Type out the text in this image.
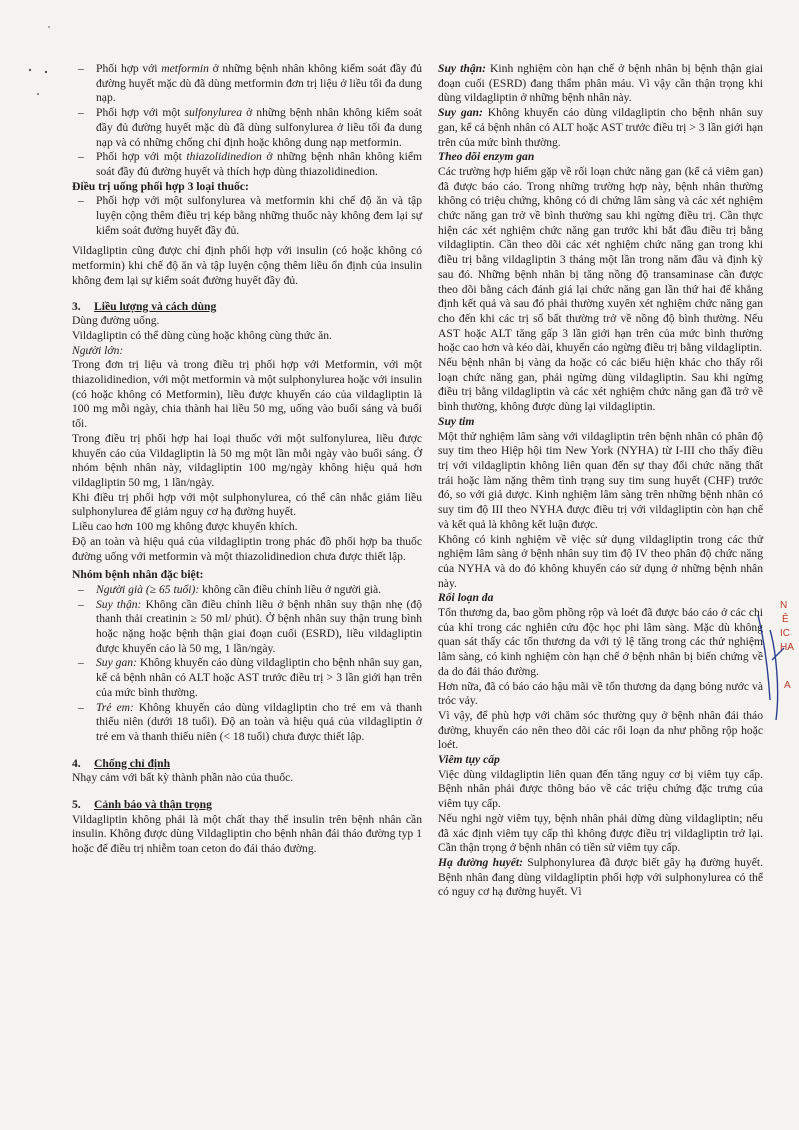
– Phối hợp với metformin ở những bệnh nhân không kiểm soát đầy đủ đường huyết mặc dù đã dùng metformin đơn trị liệu ở liều tối đa dung nạp.

– Phối hợp với một sulfonylurea ở những bệnh nhân không kiểm soát đầy đủ đường huyết mặc dù đã dùng sulfonylurea ở liều tối đa dung nạp và có những chống chỉ định hoặc không dung nạp metformin.

– Phối hợp với một thiazolidinedion ở những bệnh nhân không kiểm soát đầy đủ đường huyết và thích hợp dùng thiazolidinedion.

Điều trị uống phối hợp 3 loại thuốc:

– Phối hợp với một sulfonylurea và metformin khi chế độ ăn và tập luyện cộng thêm điều trị kép bằng những thuốc này không đem lại sự kiểm soát đường huyết đầy đủ.

Vildagliptin cũng được chỉ định phối hợp với insulin (có hoặc không có metformin) khi chế độ ăn và tập luyện cộng thêm liều ổn định của insulin không đem lại sự kiểm soát đường huyết đầy đủ.

3. Liều lượng và cách dùng

Dùng đường uống.

Vildagliptin có thể dùng cùng hoặc không cùng thức ăn.

Người lớn:

Trong đơn trị liệu và trong điều trị phối hợp với Metformin, với một thiazolidinedion, với một metformin và một sulphonylurea hoặc với insulin (có hoặc không có Metformin), liều được khuyến cáo của vildagliptin là 100 mg mỗi ngày, chia thành hai liều 50 mg, uống vào buổi sáng và buổi tối.

Trong điều trị phối hợp hai loại thuốc với một sulfonylurea, liều được khuyến cáo của Vildagliptin là 50 mg một lần mỗi ngày vào buổi sáng. Ở nhóm bệnh nhân này, vildagliptin 100 mg/ngày không hiệu quả hơn vildagliptin 50 mg, 1 lần/ngày.

Khi điều trị phối hợp với một sulphonylurea, có thể cân nhắc giảm liều sulphonylurea để giảm nguy cơ hạ đường huyết.

Liều cao hơn 100 mg không được khuyến khích.

Độ an toàn và hiệu quả của vildagliptin trong phác đồ phối hợp ba thuốc đường uống với metformin và một thiazolidinedion chưa được thiết lập.

Nhóm bệnh nhân đặc biệt:

– Người già (≥ 65 tuổi): không cần điều chỉnh liều ở người già.

– Suy thận: Không cần điều chỉnh liều ở bệnh nhân suy thận nhẹ (độ thanh thải creatinin ≥ 50 ml/ phút). Ở bệnh nhân suy thận trung bình hoặc nặng hoặc bệnh thận giai đoạn cuối (ESRD), liều vildagliptin được khuyến cáo là 50 mg, 1 lần/ngày.

– Suy gan: Không khuyến cáo dùng vildagliptin cho bệnh nhân suy gan, kể cả bệnh nhân có ALT hoặc AST trước điều trị > 3 lần giới hạn trên của mức bình thường.

– Trẻ em: Không khuyến cáo dùng vildagliptin cho trẻ em và thanh thiếu niên (dưới 18 tuổi). Độ an toàn và hiệu quả của vildagliptin ở trẻ em và thanh thiếu niên (< 18 tuổi) chưa được thiết lập.

4. Chống chỉ định

Nhạy cảm với bất kỳ thành phần nào của thuốc.

5. Cảnh báo và thận trọng

Vildagliptin không phải là một chất thay thế insulin trên bệnh nhân cần insulin. Không được dùng Vildagliptin cho bệnh nhân đái tháo đường typ 1 hoặc để điều trị nhiễm toan ceton do đái tháo đường.

Suy thận: Kinh nghiệm còn hạn chế ở bệnh nhân bị bệnh thận giai đoạn cuối (ESRD) đang thẩm phân máu. Vì vậy cần thận trọng khi dùng vildagliptin ở những bệnh nhân này.

Suy gan: Không khuyến cáo dùng vildagliptin cho bệnh nhân suy gan, kể cả bệnh nhân có ALT hoặc AST trước điều trị > 3 lần giới hạn trên của mức bình thường.

Theo dõi enzym gan

Các trường hợp hiếm gặp về rối loạn chức năng gan (kể cả viêm gan) đã được báo cáo. Trong những trường hợp này, bệnh nhân thường không có triệu chứng, không có di chứng lâm sàng và các xét nghiệm chức năng gan trở về bình thường sau khi ngừng điều trị. Cần thực hiện các xét nghiệm chức năng gan trước khi bắt đầu điều trị bằng vildagliptin. Cần theo dõi các xét nghiệm chức năng gan trong khi điều trị bằng vildagliptin 3 tháng một lần trong năm đầu và định kỳ sau đó. Những bệnh nhân bị tăng nồng độ transaminase cần được theo dõi bằng cách đánh giá lại chức năng gan lần thứ hai để khẳng định kết quả và sau đó phải thường xuyên xét nghiệm chức năng gan cho đến khi các trị số bất thường trở về nồng độ bình thường. Nếu AST hoặc ALT tăng gấp 3 lần giới hạn trên của mức bình thường hoặc cao hơn và kéo dài, khuyến cáo ngừng điều trị bằng vildagliptin.

Nếu bệnh nhân bị vàng da hoặc có các biểu hiện khác cho thấy rối loạn chức năng gan, phải ngừng dùng vildagliptin. Sau khi ngừng điều trị bằng vildagliptin và các xét nghiệm chức năng gan đã trở về bình thường, không được dùng lại vildagliptin.

Suy tim

Một thử nghiệm lâm sàng với vildagliptin trên bệnh nhân có phân độ suy tim theo Hiệp hội tim New York (NYHA) từ I-III cho thấy điều trị với vildagliptin không liên quan đến sự thay đổi chức năng thất trái hoặc làm nặng thêm tình trạng suy tim sung huyết (CHF) trước đó, so với giả dược. Kinh nghiệm lâm sàng trên những bệnh nhân có suy tim độ III theo NYHA được điều trị với vildagliptin còn hạn chế và kết quả là không kết luận được.

Không có kinh nghiệm về việc sử dụng vildagliptin trong các thử nghiệm lâm sàng ở bệnh nhân suy tim độ IV theo phân độ chức năng của NYHA và do đó không khuyến cáo sử dụng ở những bệnh nhân này.

Rối loạn da

Tổn thương da, bao gồm phồng rộp và loét đã được báo cáo ở các chi của khỉ trong các nghiên cứu độc học phi lâm sàng. Mặc dù không quan sát thấy các tổn thương da với tỷ lệ tăng trong các thử nghiệm lâm sàng, có kinh nghiệm còn hạn chế ở bệnh nhân bị biến chứng về da do đái tháo đường.

Hơn nữa, đã có báo cáo hậu mãi về tổn thương da dạng bóng nước và tróc vảy.

Vì vậy, để phù hợp với chăm sóc thường quy ở bệnh nhân đái tháo đường, khuyến cáo nên theo dõi các rối loạn da như phồng rộp hoặc loét.

Viêm tụy cấp

Việc dùng vildagliptin liên quan đến tăng nguy cơ bị viêm tụy cấp. Bệnh nhân phải được thông báo về các triệu chứng đặc trưng của viêm tụy cấp.

Nếu nghi ngờ viêm tụy, bệnh nhân phải dừng dùng vildagliptin; nếu đã xác định viêm tụy cấp thì không được điều trị vildagliptin trở lại. Cần thận trọng ở bệnh nhân có tiền sử viêm tụy cấp.

Hạ đường huyết: Sulphonylurea đã được biết gây hạ đường huyết. Bệnh nhân đang dùng vildagliptin phối hợp với sulphonylurea có thể có nguy cơ hạ đường huyết. Vì

N
Ê
IC
HA
A
